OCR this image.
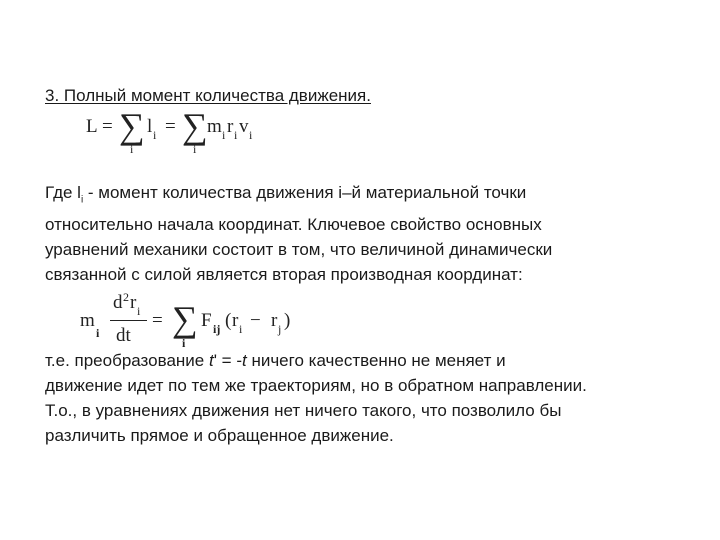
3. Полный момент количества движения.
L = ∑
i
l i = ∑
i
m i r i v i
Где $l_i$ - момент количества движения i–й материальной точки
относительно начала координат. Ключевое свойство основных
уравнений механики состоит в том, что величиной динамически
связанной с силой является вторая производная координат:
m
i
d 2 r i
dt
= ∑
i
F ij ( r i − r j )
т.е. преобразование t' = -t ничего качественно не меняет и
движение идет по тем же траекториям, но в обратном направлении.
Т.о., в уравнениях движения нет ничего такого, что позволило бы
различить прямое и обращенное движение.
